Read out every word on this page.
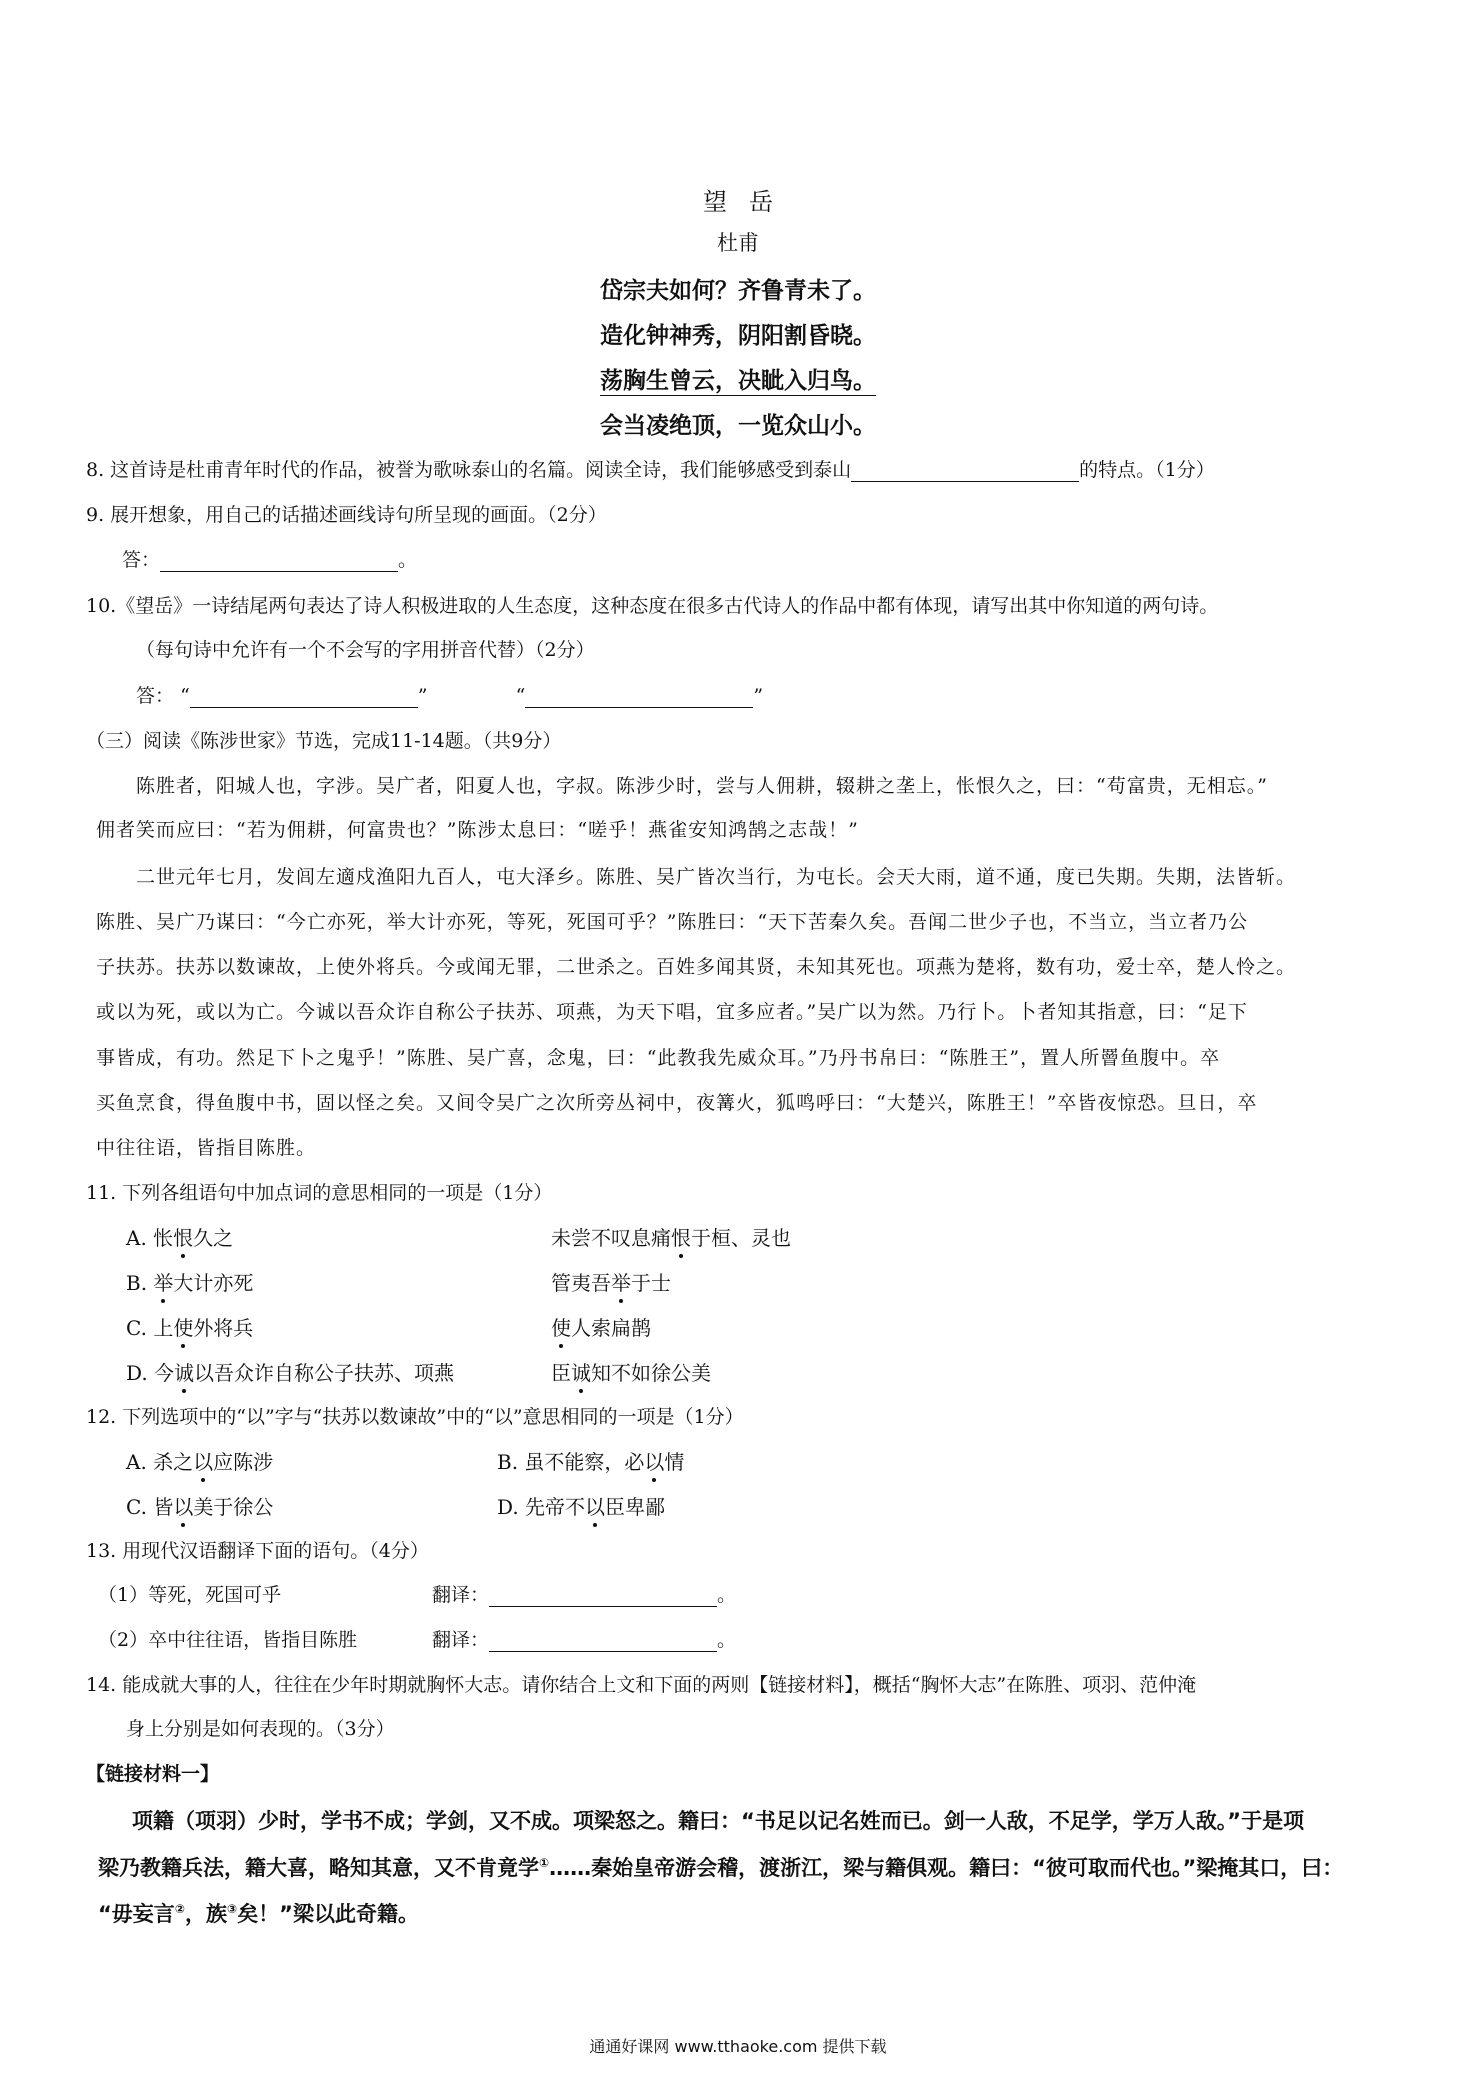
望岳
杜甫
岱宗夫如何？齐鲁青未了。
造化钟神秀，阴阳割昏晓。
荡胸生曾云，决眦入归鸟。
会当凌绝顶，一览众山小。
8. 这首诗是杜甫青年时代的作品，被誉为歌咏泰山的名篇。阅读全诗，我们能够感受到泰山	的特点。（1分）
9. 展开想象，用自己的话描述画线诗句所呈现的画面。（2分）
答：	。
10.《望岳》一诗结尾两句表达了诗人积极进取的人生态度，这种态度在很多古代诗人的作品中都有体现，请写出其中你知道的两句诗。
（每句诗中允许有一个不会写的字用拼音代替）（2分）
答： “	”	“	”
（三）阅读《陈涉世家》节选，完成11-14题。（共9分）
陈胜者，阳城人也，字涉。吴广者，阳夏人也，字叔。陈涉少时，尝与人佣耕，辍耕之垄上，怅恨久之，曰：“苟富贵，无相忘。”
佣者笑而应曰：“若为佣耕，何富贵也？”陈涉太息曰：“嗟乎！燕雀安知鸿鹄之志哉！”
二世元年七月，发闾左適戍渔阳九百人，屯大泽乡。陈胜、吴广皆次当行，为屯长。会天大雨，道不通，度已失期。失期，法皆斩。
陈胜、吴广乃谋曰：“今亡亦死，举大计亦死，等死，死国可乎？”陈胜曰：“天下苦秦久矣。吾闻二世少子也，不当立，当立者乃公
子扶苏。扶苏以数谏故，上使外将兵。今或闻无罪，二世杀之。百姓多闻其贤，未知其死也。项燕为楚将，数有功，爱士卒，楚人怜之。
或以为死，或以为亡。今诚以吾众诈自称公子扶苏、项燕，为天下唱，宜多应者。”吴广以为然。乃行卜。卜者知其指意，曰：“足下
事皆成，有功。然足下卜之鬼乎！”陈胜、吴广喜，念鬼，曰：“此教我先威众耳。”乃丹书帛曰：“陈胜王”，置人所罾鱼腹中。卒
买鱼烹食，得鱼腹中书，固以怪之矣。又间令吴广之次所旁丛祠中，夜篝火，狐鸣呼曰：“大楚兴，陈胜王！”卒皆夜惊恐。旦日，卒
中往往语，皆指目陈胜。
11. 下列各组语句中加点词的意思相同的一项是（1分）
A. 怅恨久之	未尝不叹息痛恨于桓、灵也
B. 举大计亦死	管夷吾举于士
C. 上使外将兵	使人索扁鹊
D. 今诚以吾众诈自称公子扶苏、项燕	臣诚知不如徐公美
12. 下列选项中的“以”字与“扶苏以数谏故”中的“以”意思相同的一项是（1分）
A. 杀之以应陈涉	B. 虽不能察，必以情
C. 皆以美于徐公	D. 先帝不以臣卑鄙
13. 用现代汉语翻译下面的语句。（4分）
（1）等死，死国可乎	翻译：	。
（2）卒中往往语，皆指目陈胜	翻译：	。
14. 能成就大事的人，往往在少年时期就胸怀大志。请你结合上文和下面的两则【链接材料】，概括“胸怀大志”在陈胜、项羽、范仲淹
身上分别是如何表现的。（3分）
【链接材料一】
项籍（项羽）少时，学书不成；学剑，又不成。项梁怒之。籍曰：“书足以记名姓而已。剑一人敌，不足学，学万人敌。”于是项
梁乃教籍兵法，籍大喜，略知其意，又不肯竟学①……秦始皇帝游会稽，渡浙江，梁与籍俱观。籍曰：“彼可取而代也。”梁掩其口，曰：
“毋妄言②，族③矣！”梁以此奇籍。
通通好课网 www.tthaoke.com 提供下载
